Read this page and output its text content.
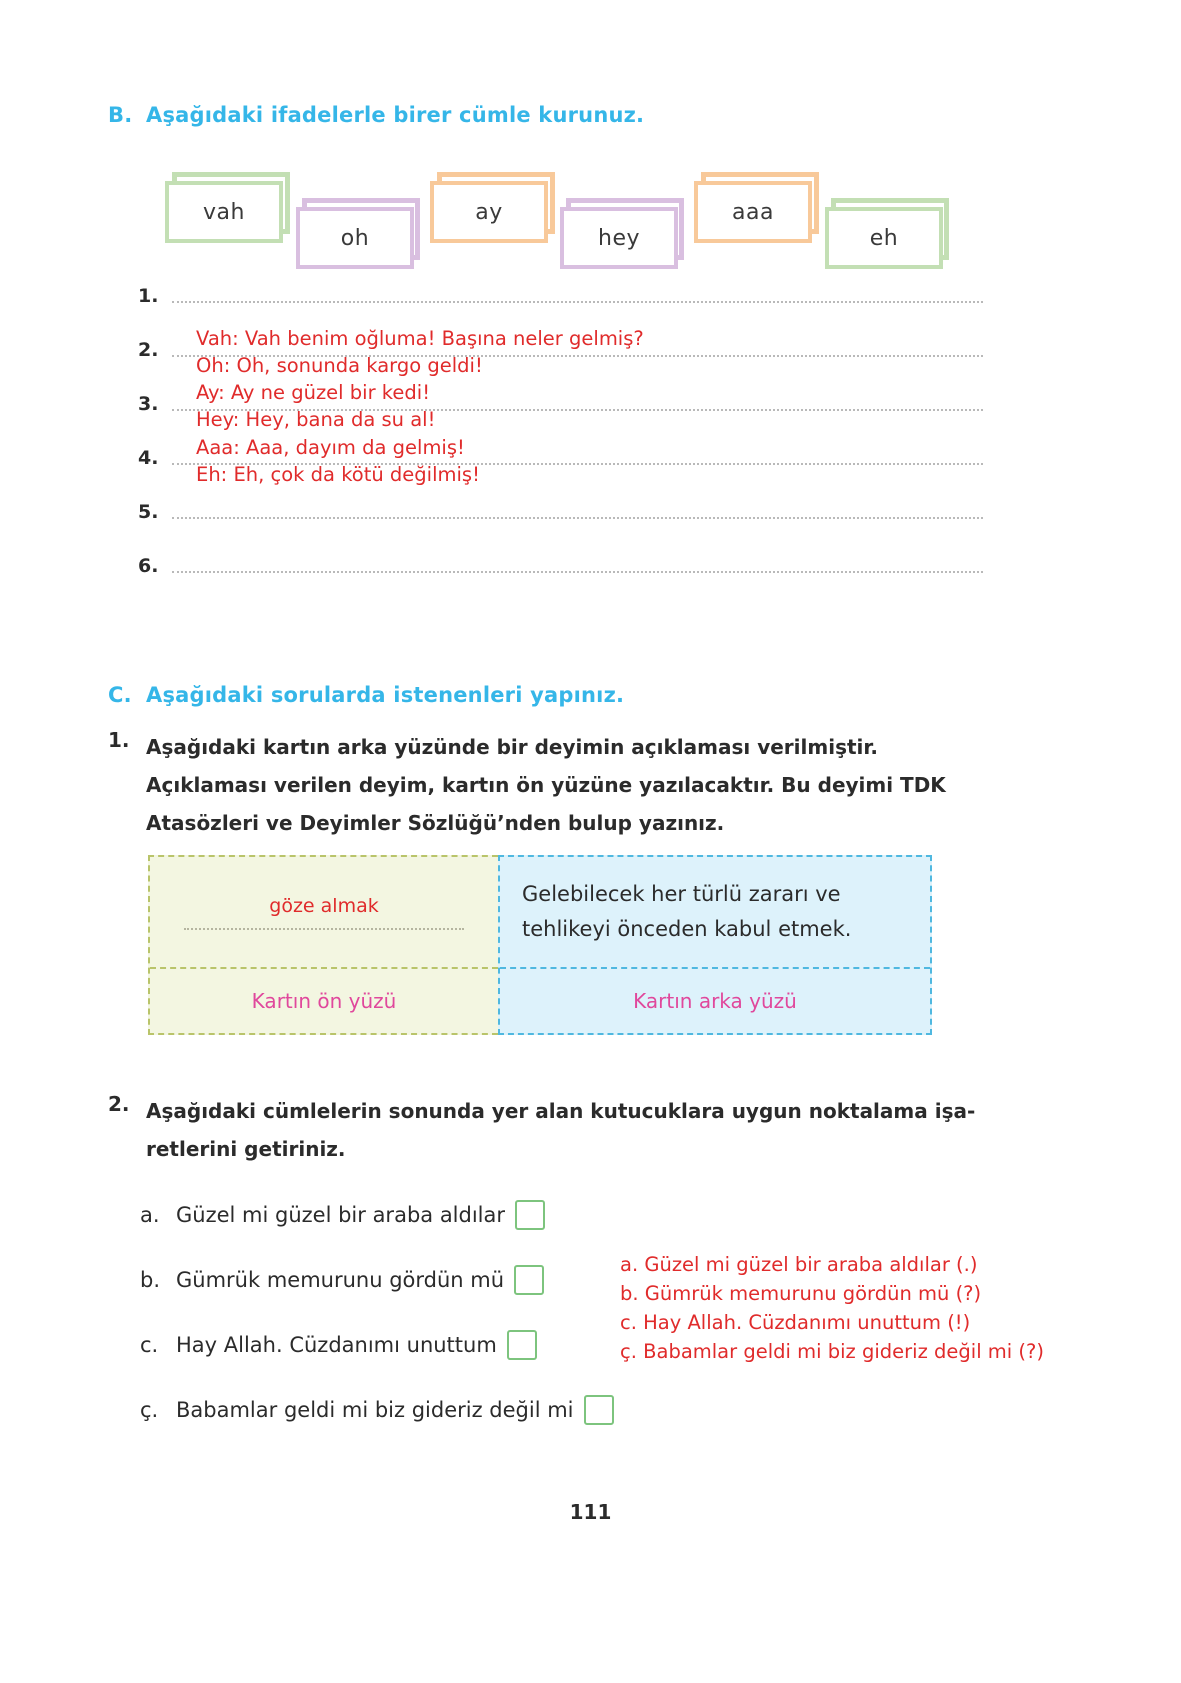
B. Aşağıdaki ifadelerle birer cümle kurunuz.
vah
oh
ay
hey
aaa
eh
1.
2.
3.
4.
5.
6.
Vah: Vah benim oğluma! Başına neler gelmiş?
Oh: Oh, sonunda kargo geldi!
Ay: Ay ne güzel bir kedi!
Hey: Hey, bana da su al!
Aaa: Aaa, dayım da gelmiş!
Eh: Eh, çok da kötü değilmiş!
C. Aşağıdaki sorularda istenenleri yapınız.
1. Aşağıdaki kartın arka yüzünde bir deyimin açıklaması verilmiştir. Açıklaması verilen deyim, kartın ön yüzüne yazılacaktır. Bu deyimi TDK Atasözleri ve Deyimler Sözlüğü’nden bulup yazınız.
göze almak
Kartın ön yüzü
Gelebilecek her türlü zararı ve tehlikeyi önceden kabul etmek.
Kartın arka yüzü
2. Aşağıdaki cümlelerin sonunda yer alan kutucuklara uygun noktalama işa-retlerini getiriniz.
a. Güzel mi güzel bir araba aldılar
b. Gümrük memurunu gördün mü
c. Hay Allah. Cüzdanımı unuttum
ç. Babamlar geldi mi biz gideriz değil mi
a. Güzel mi güzel bir araba aldılar (.)
b. Gümrük memurunu gördün mü (?)
c. Hay Allah. Cüzdanımı unuttum (!)
ç. Babamlar geldi mi biz gideriz değil mi (?)
111
